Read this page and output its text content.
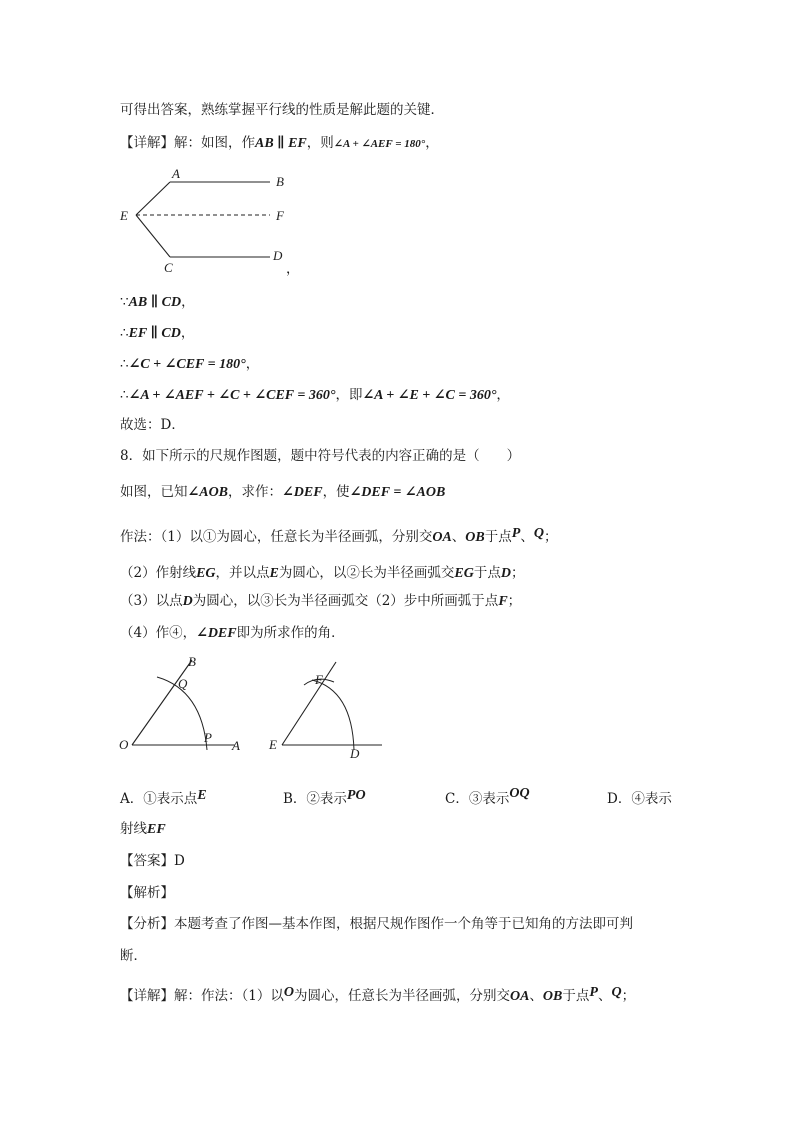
可得出答案，熟练掌握平行线的性质是解此题的关键．
【详解】解：如图，作AB ∥ EF，则∠A + ∠AEF = 180°，
A
B
E	F
C
D
，
∵AB ∥ CD，
∴EF ∥ CD，
∴∠C + ∠CEF = 180°，
∴∠A + ∠AEF + ∠C + ∠CEF = 360°，即∠A + ∠E + ∠C = 360°，
故选：D．
8．如下所示的尺规作图题，题中符号代表的内容正确的是（　　）
如图，已知∠AOB，求作：∠DEF，使∠DEF = ∠AOB
作法：（1）以①为圆心，任意长为半径画弧，分别交OA、OB于点P、Q；
（2）作射线EG，并以点E为圆心，以②长为半径画弧交EG于点D；
（3）以点D为圆心，以③长为半径画弧交（2）步中所画弧于点F；
（4）作④，∠DEF即为所求作的角．
B
Q
O	P
A
F
E
D
A．①表示点E	B．②表示PO	C．③表示OQ	D．④表示
射线EF
【答案】D
【解析】
【分析】本题考查了作图—基本作图，根据尺规作图作一个角等于已知角的方法即可判
断．
【详解】解：作法：（1）以O为圆心，任意长为半径画弧，分别交OA、OB于点P、Q；
